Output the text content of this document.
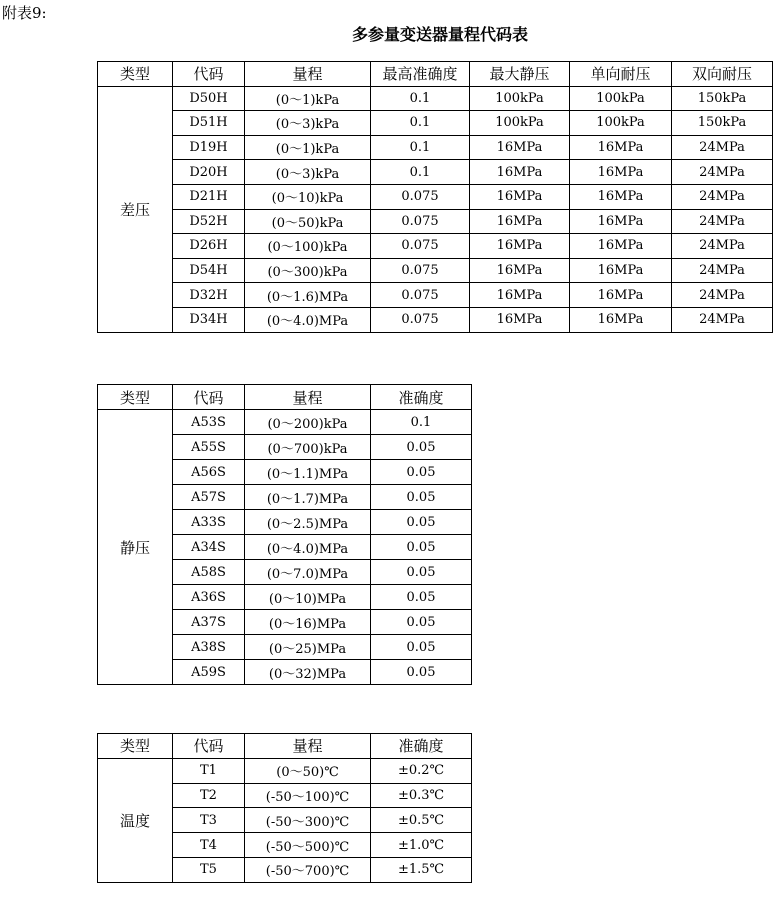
附表9:
多参量变送器量程代码表
类型	代码	量程	最高准确度	最大静压	单向耐压	双向耐压
差压	D50H	(0～1)kPa	0.1	100kPa	100kPa	150kPa
	D51H	(0～3)kPa	0.1	100kPa	100kPa	150kPa
	D19H	(0～1)kPa	0.1	16MPa	16MPa	24MPa
	D20H	(0～3)kPa	0.1	16MPa	16MPa	24MPa
	D21H	(0～10)kPa	0.075	16MPa	16MPa	24MPa
	D52H	(0～50)kPa	0.075	16MPa	16MPa	24MPa
	D26H	(0～100)kPa	0.075	16MPa	16MPa	24MPa
	D54H	(0～300)kPa	0.075	16MPa	16MPa	24MPa
	D32H	(0～1.6)MPa	0.075	16MPa	16MPa	24MPa
	D34H	(0～4.0)MPa	0.075	16MPa	16MPa	24MPa
类型	代码	量程	准确度
静压	A53S	(0～200)kPa	0.1
	A55S	(0～700)kPa	0.05
	A56S	(0～1.1)MPa	0.05
	A57S	(0～1.7)MPa	0.05
	A33S	(0～2.5)MPa	0.05
	A34S	(0～4.0)MPa	0.05
	A58S	(0～7.0)MPa	0.05
	A36S	(0～10)MPa	0.05
	A37S	(0～16)MPa	0.05
	A38S	(0～25)MPa	0.05
	A59S	(0～32)MPa	0.05
类型	代码	量程	准确度
温度	T1	(0～50)℃	±0.2℃
	T2	(-50～100)℃	±0.3℃
	T3	(-50～300)℃	±0.5℃
	T4	(-50～500)℃	±1.0℃
	T5	(-50～700)℃	±1.5℃
